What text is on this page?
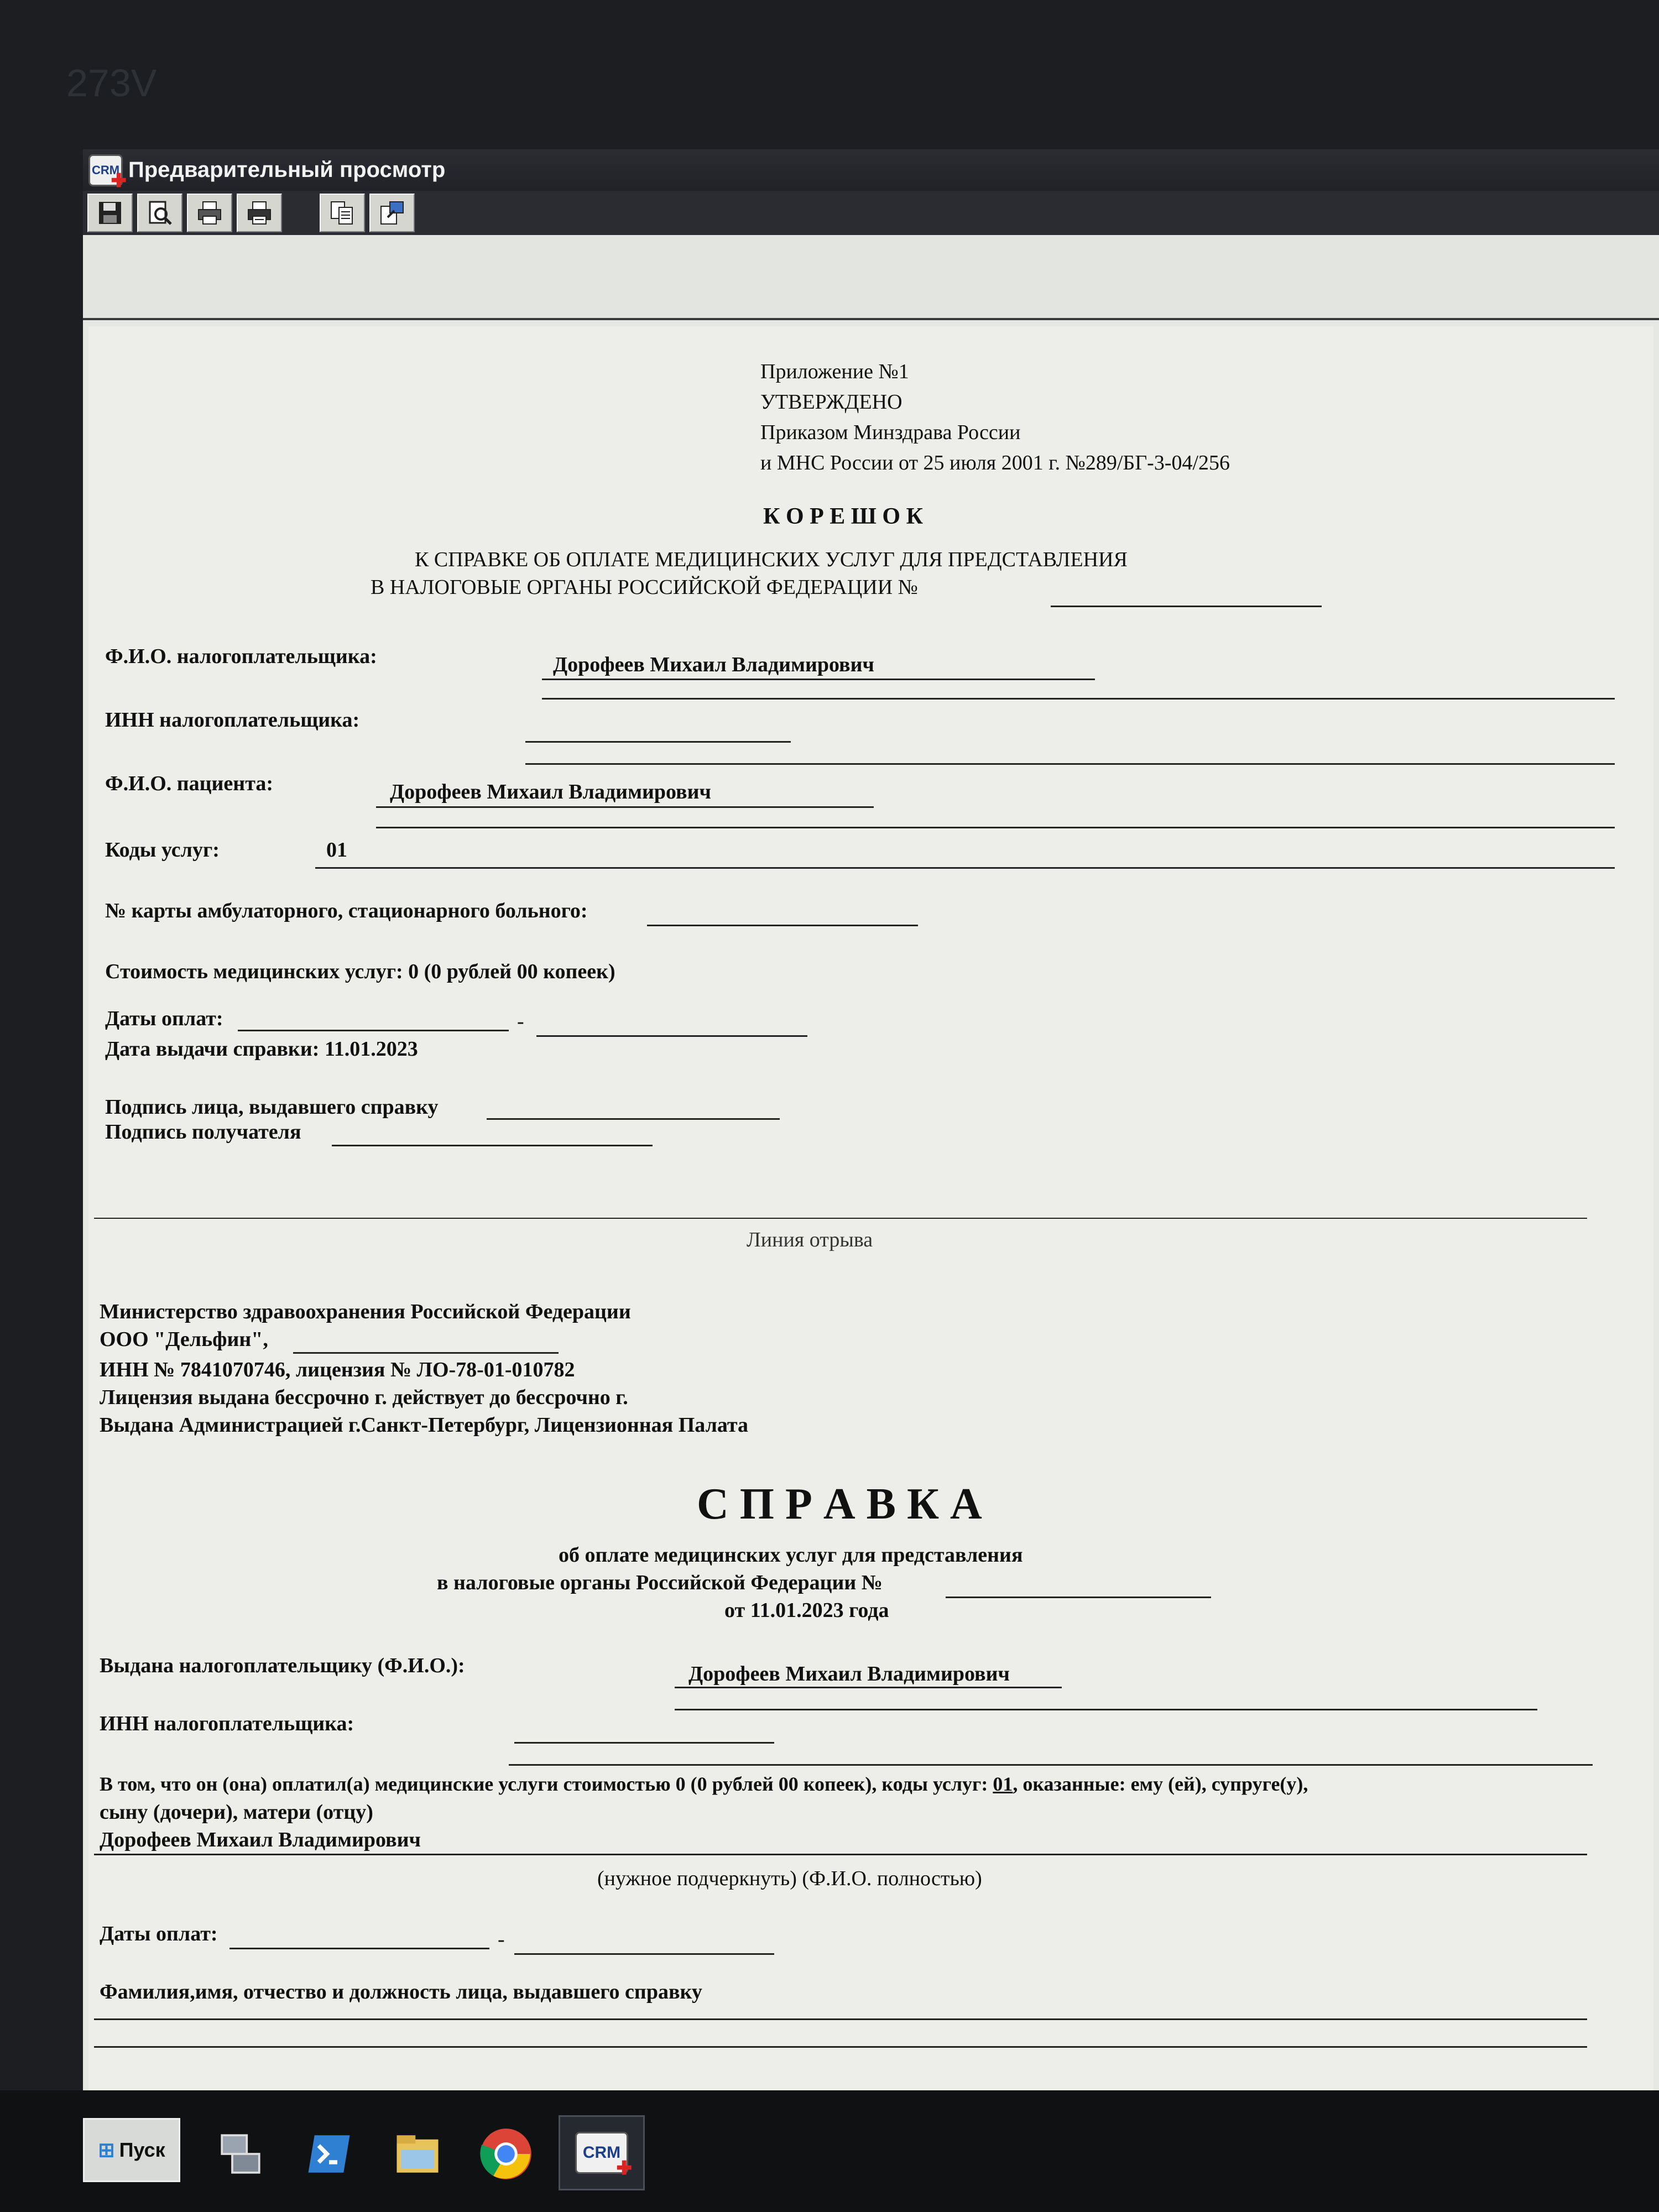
273V
CRM
✚ Предварительный просмотр
Приложение №1
УТВЕРЖДЕНО
Приказом Минздрава России
и МНС России от 25 июля 2001 г. №289/БГ-3-04/256
К О Р Е Ш О К
К СПРАВКЕ ОБ ОПЛАТЕ МЕДИЦИНСКИХ УСЛУГ ДЛЯ ПРЕДСТАВЛЕНИЯ
В НАЛОГОВЫЕ ОРГАНЫ РОССИЙСКОЙ ФЕДЕРАЦИИ №
Ф.И.О. налогоплательщика:	Дорофеев Михаил Владимирович
ИНН налогоплательщика:
Ф.И.О. пациента:	Дорофеев Михаил Владимирович
Коды услуг:	01
№ карты амбулаторного, стационарного больного:
Стоимость медицинских услуг: 0 (0 рублей 00 копеек)
Даты оплат:	-
Дата выдачи справки: 11.01.2023
Подпись лица, выдавшего справку
Подпись получателя
Линия отрыва
Министерство здравоохранения Российской Федерации
ООО "Дельфин",
ИНН № 7841070746, лицензия № ЛО-78-01-010782
Лицензия выдана бессрочно г. действует до бессрочно г.
Выдана Администрацией г.Санкт-Петербург, Лицензионная Палата
С П Р А В К А
об оплате медицинских услуг для представления
в налоговые органы Российской Федерации №
от 11.01.2023 года
Выдана налогоплательщику (Ф.И.О.):	Дорофеев Михаил Владимирович
ИНН налогоплательщика:
В том, что он (она) оплатил(а) медицинские услуги стоимостью 0 (0 рублей 00 копеек), коды услуг: 01, оказанные: ему (ей), супруге(у),
сыну (дочери), матери (отцу)
Дорофеев Михаил Владимирович
(нужное подчеркнуть) (Ф.И.О. полностью)
Даты оплат:	-
Фамилия,имя, отчество и должность лица, выдавшего справку
⊞ Пуск	CRM
✚
